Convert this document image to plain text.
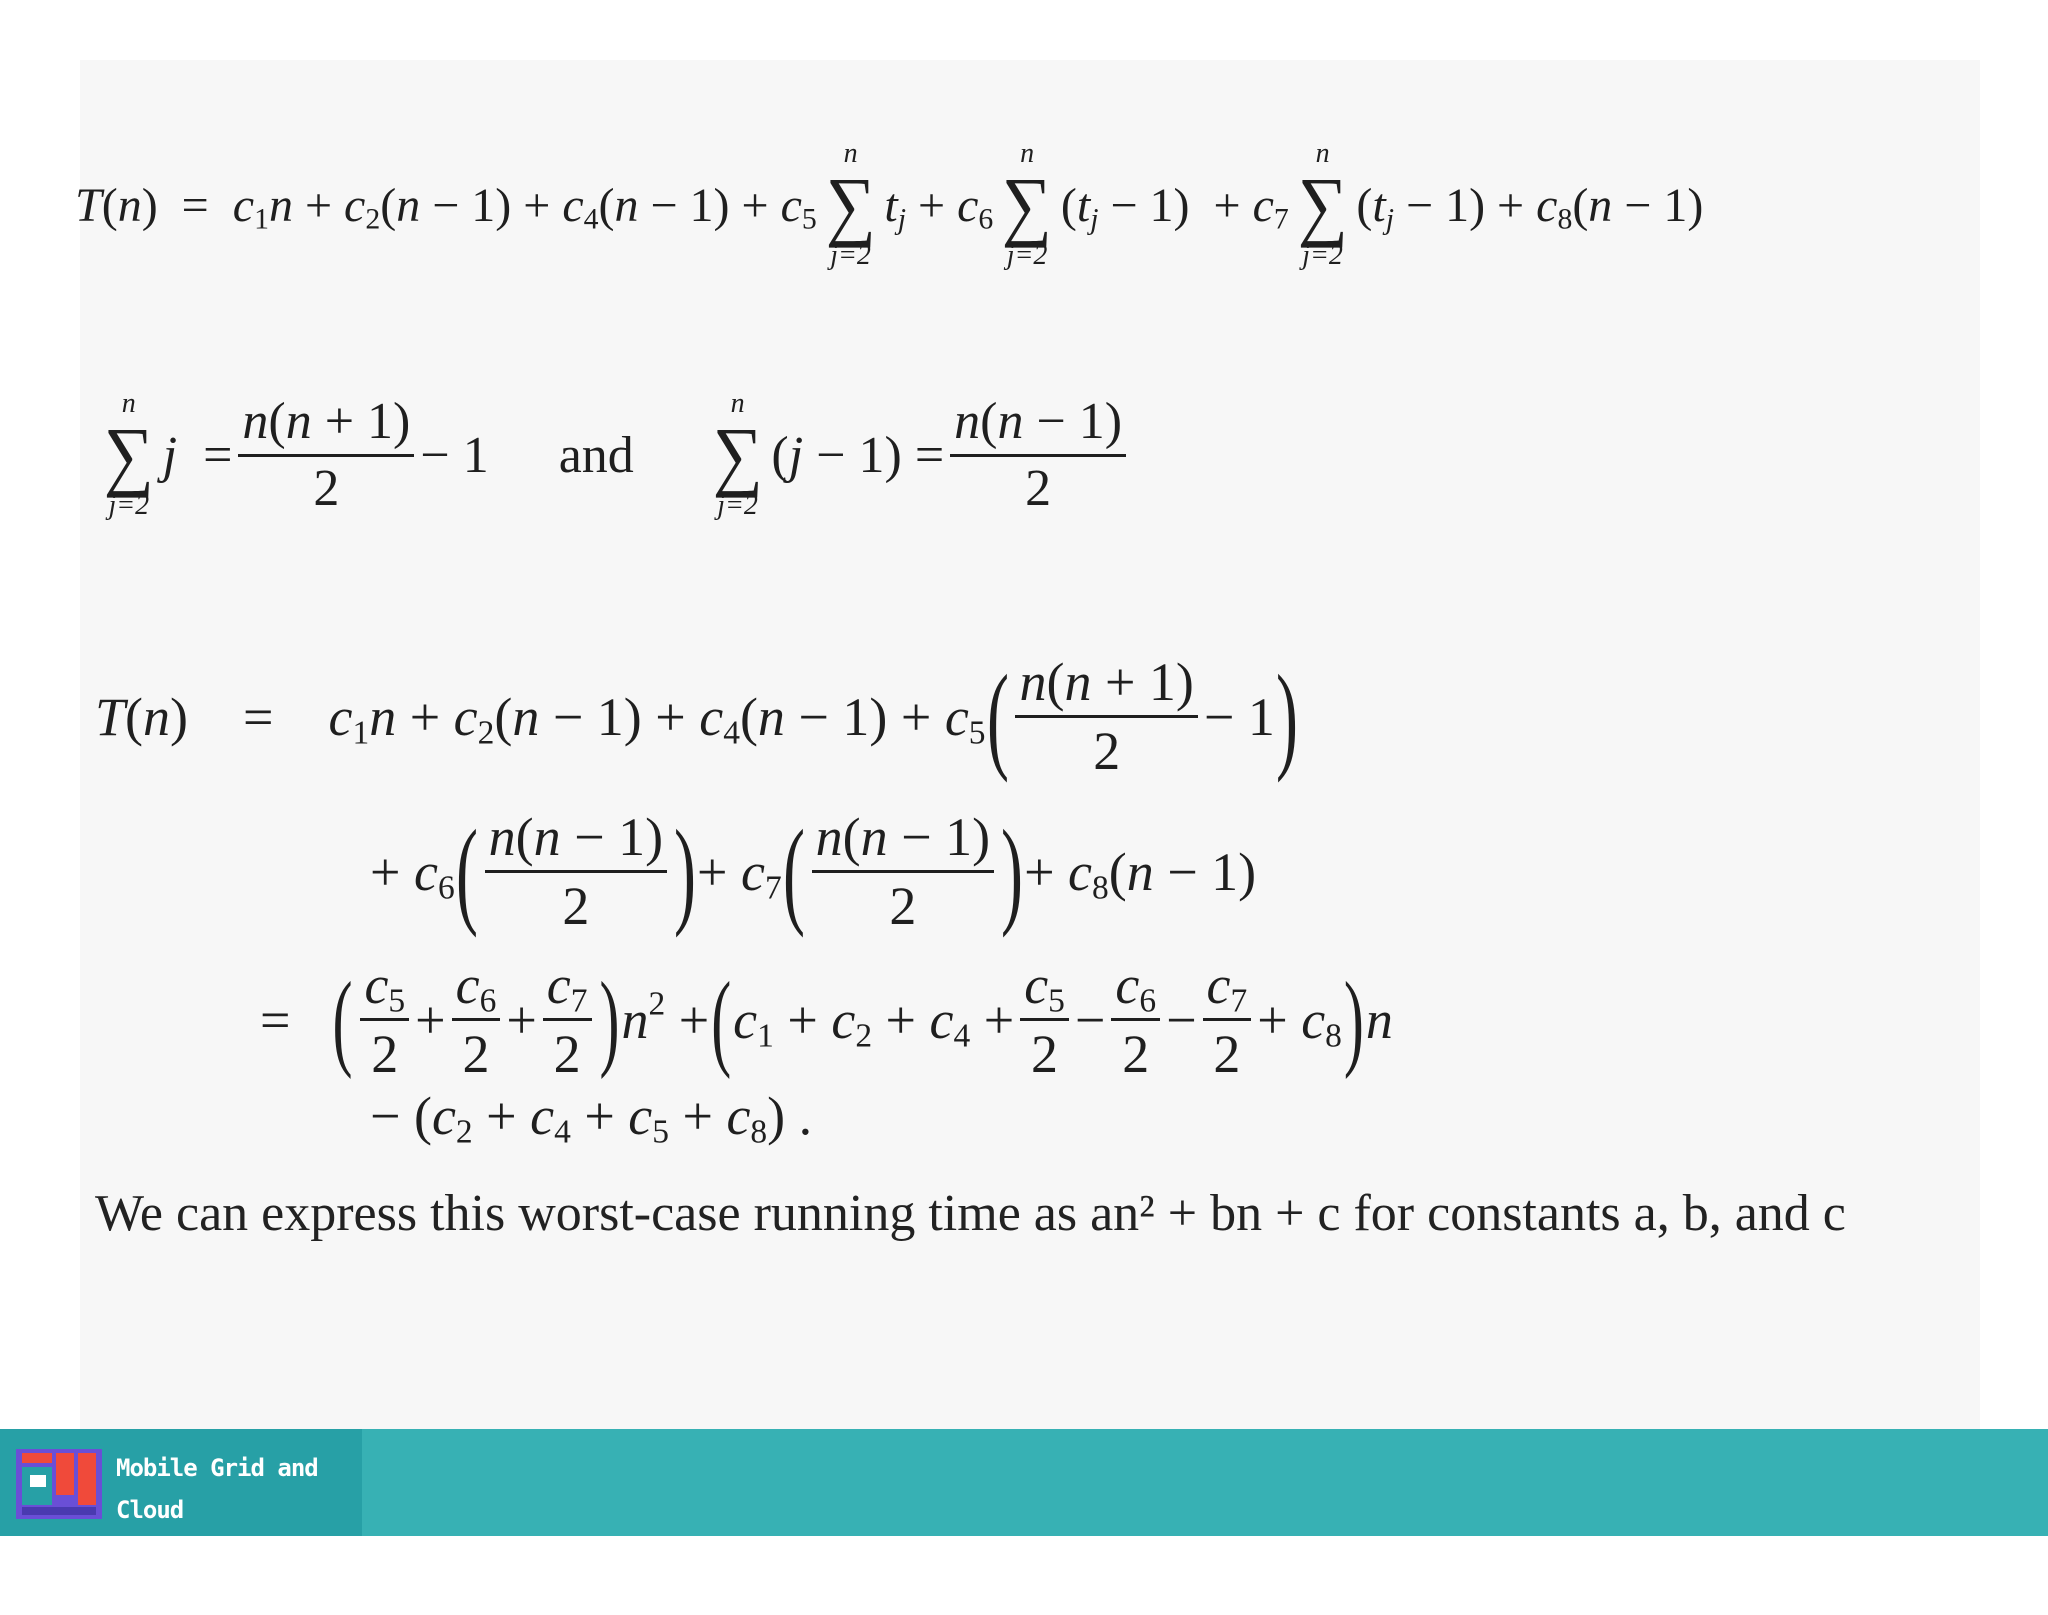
$T(n) = c_1n + c_2(n - 1) + c_4(n - 1) + c_5$
n
∑
j=2
$t_j + c_6$
n
∑
j=2
$(t_j - 1) + c_7$
n
∑
j=2
$(t_j - 1) + c_8(n - 1)$
n
∑
j=2
$j = \frac{n(n + 1)}{2} - 1$ and
n
∑
j=2
$(j - 1) = \frac{n(n - 1)}{2}$
$T(n) = c_1n + c_2(n - 1) + c_4(n - 1) + c_5$ ( $\frac{n(n + 1)}{2} - 1$ )
+ $c_6$ ( $\frac{n(n - 1)}{2}$ ) + $c_7$ ( $\frac{n(n - 1)}{2}$ ) + $c_8(n - 1)$
= ( $\frac{c_5}{2} + \frac{c_6}{2} + \frac{c_7}{2}$ ) $n^2$ + ( $c_1 + c_2 + c_4 + \frac{c_5}{2} - \frac{c_6}{2} - \frac{c_7}{2} + c_8$ ) n
− $(c_2 + c_4 + c_5 + c_8)$ .
We can express this worst-case running time as an² + bn + c for constants a, b, and c
Mobile Grid and Cloud
Computing Laboratory
